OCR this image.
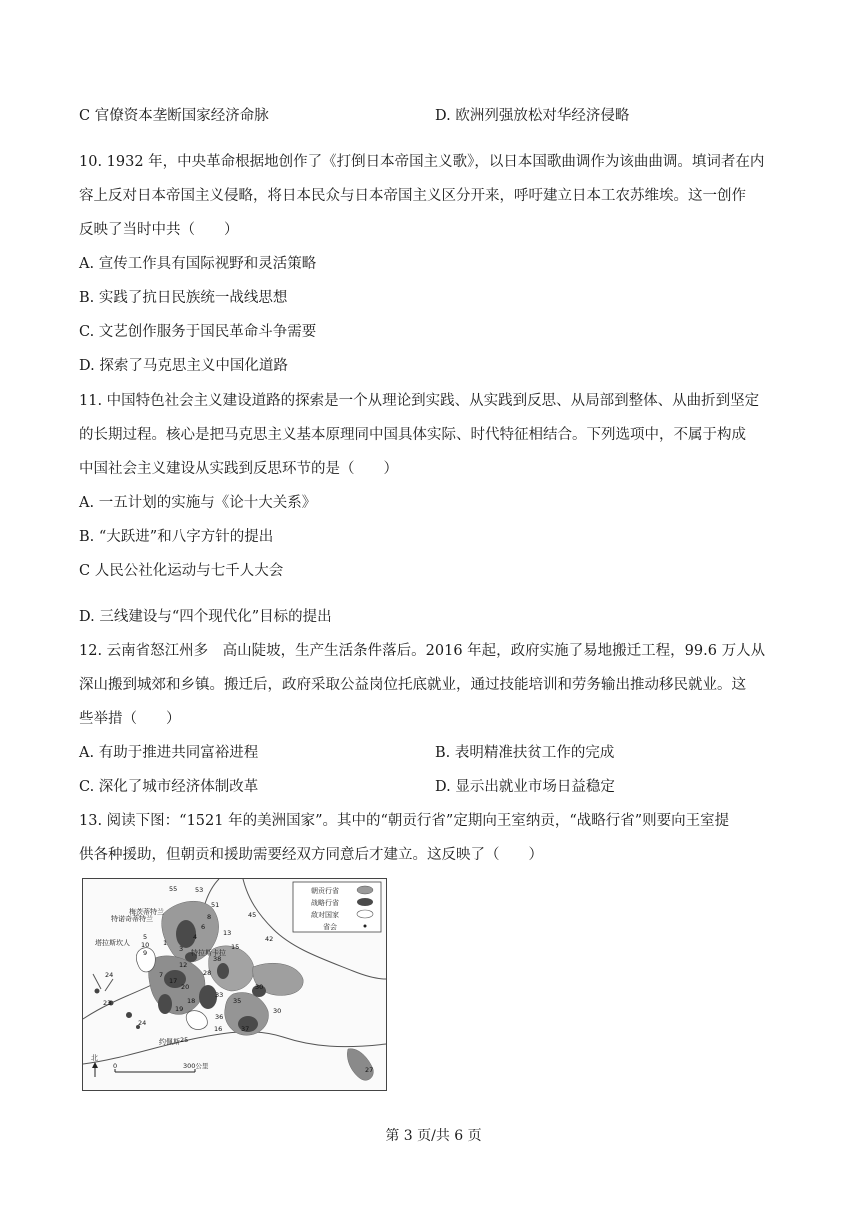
C 官僚资本垄断国家经济命脉	D. 欧洲列强放松对华经济侵略
10. 1932 年，中央革命根据地创作了《打倒日本帝国主义歌》，以日本国歌曲调作为该曲曲调。填词者在内
容上反对日本帝国主义侵略，将日本民众与日本帝国主义区分开来，呼吁建立日本工农苏维埃。这一创作
反映了当时中共（　　）
A. 宣传工作具有国际视野和灵活策略
B. 实践了抗日民族统一战线思想
C. 文艺创作服务于国民革命斗争需要
D. 探索了马克思主义中国化道路
11. 中国特色社会主义建设道路的探索是一个从理论到实践、从实践到反思、从局部到整体、从曲折到坚定
的长期过程。核心是把马克思主义基本原理同中国具体实际、时代特征相结合。下列选项中，不属于构成
中国社会主义建设从实践到反思环节的是（　　）
A. 一五计划的实施与《论十大关系》
B. “大跃进”和八字方针的提出
C 人民公社化运动与七千人大会
D. 三线建设与“四个现代化”目标的提出
12. 云南省怒江州多　高山陡坡，生产生活条件落后。2016 年起，政府实施了易地搬迁工程，99.6 万人从
深山搬到城郊和乡镇。搬迁后，政府采取公益岗位托底就业，通过技能培训和劳务输出推动移民就业。这
些举措（　　）
A. 有助于推进共同富裕进程	B. 表明精准扶贫工作的完成
C. 深化了城市经济体制改革	D. 显示出就业市场日益稳定
13. 阅读下图：“1521 年的美洲国家”。其中的“朝贡行省”定期向王室纳贡，“战略行省”则要向王室提
供各种援助，但朝贡和援助需要经双方同意后才建立。这反映了（　　）
梅茨蒂特兰
特诺奇蒂特兰
塔拉斯坎人
特拉斯卡拉
约佩斯
55	53
51
45
42
5
10
9
24
23
24
16
30
30
27
25
35
33
36
37
38
28
20
17
7
1
3
4
6
8
13
15
18
19
12
朝贡行省
战略行省
敌对国家
省会
北
0	300公里
第 3 页/共 6 页
